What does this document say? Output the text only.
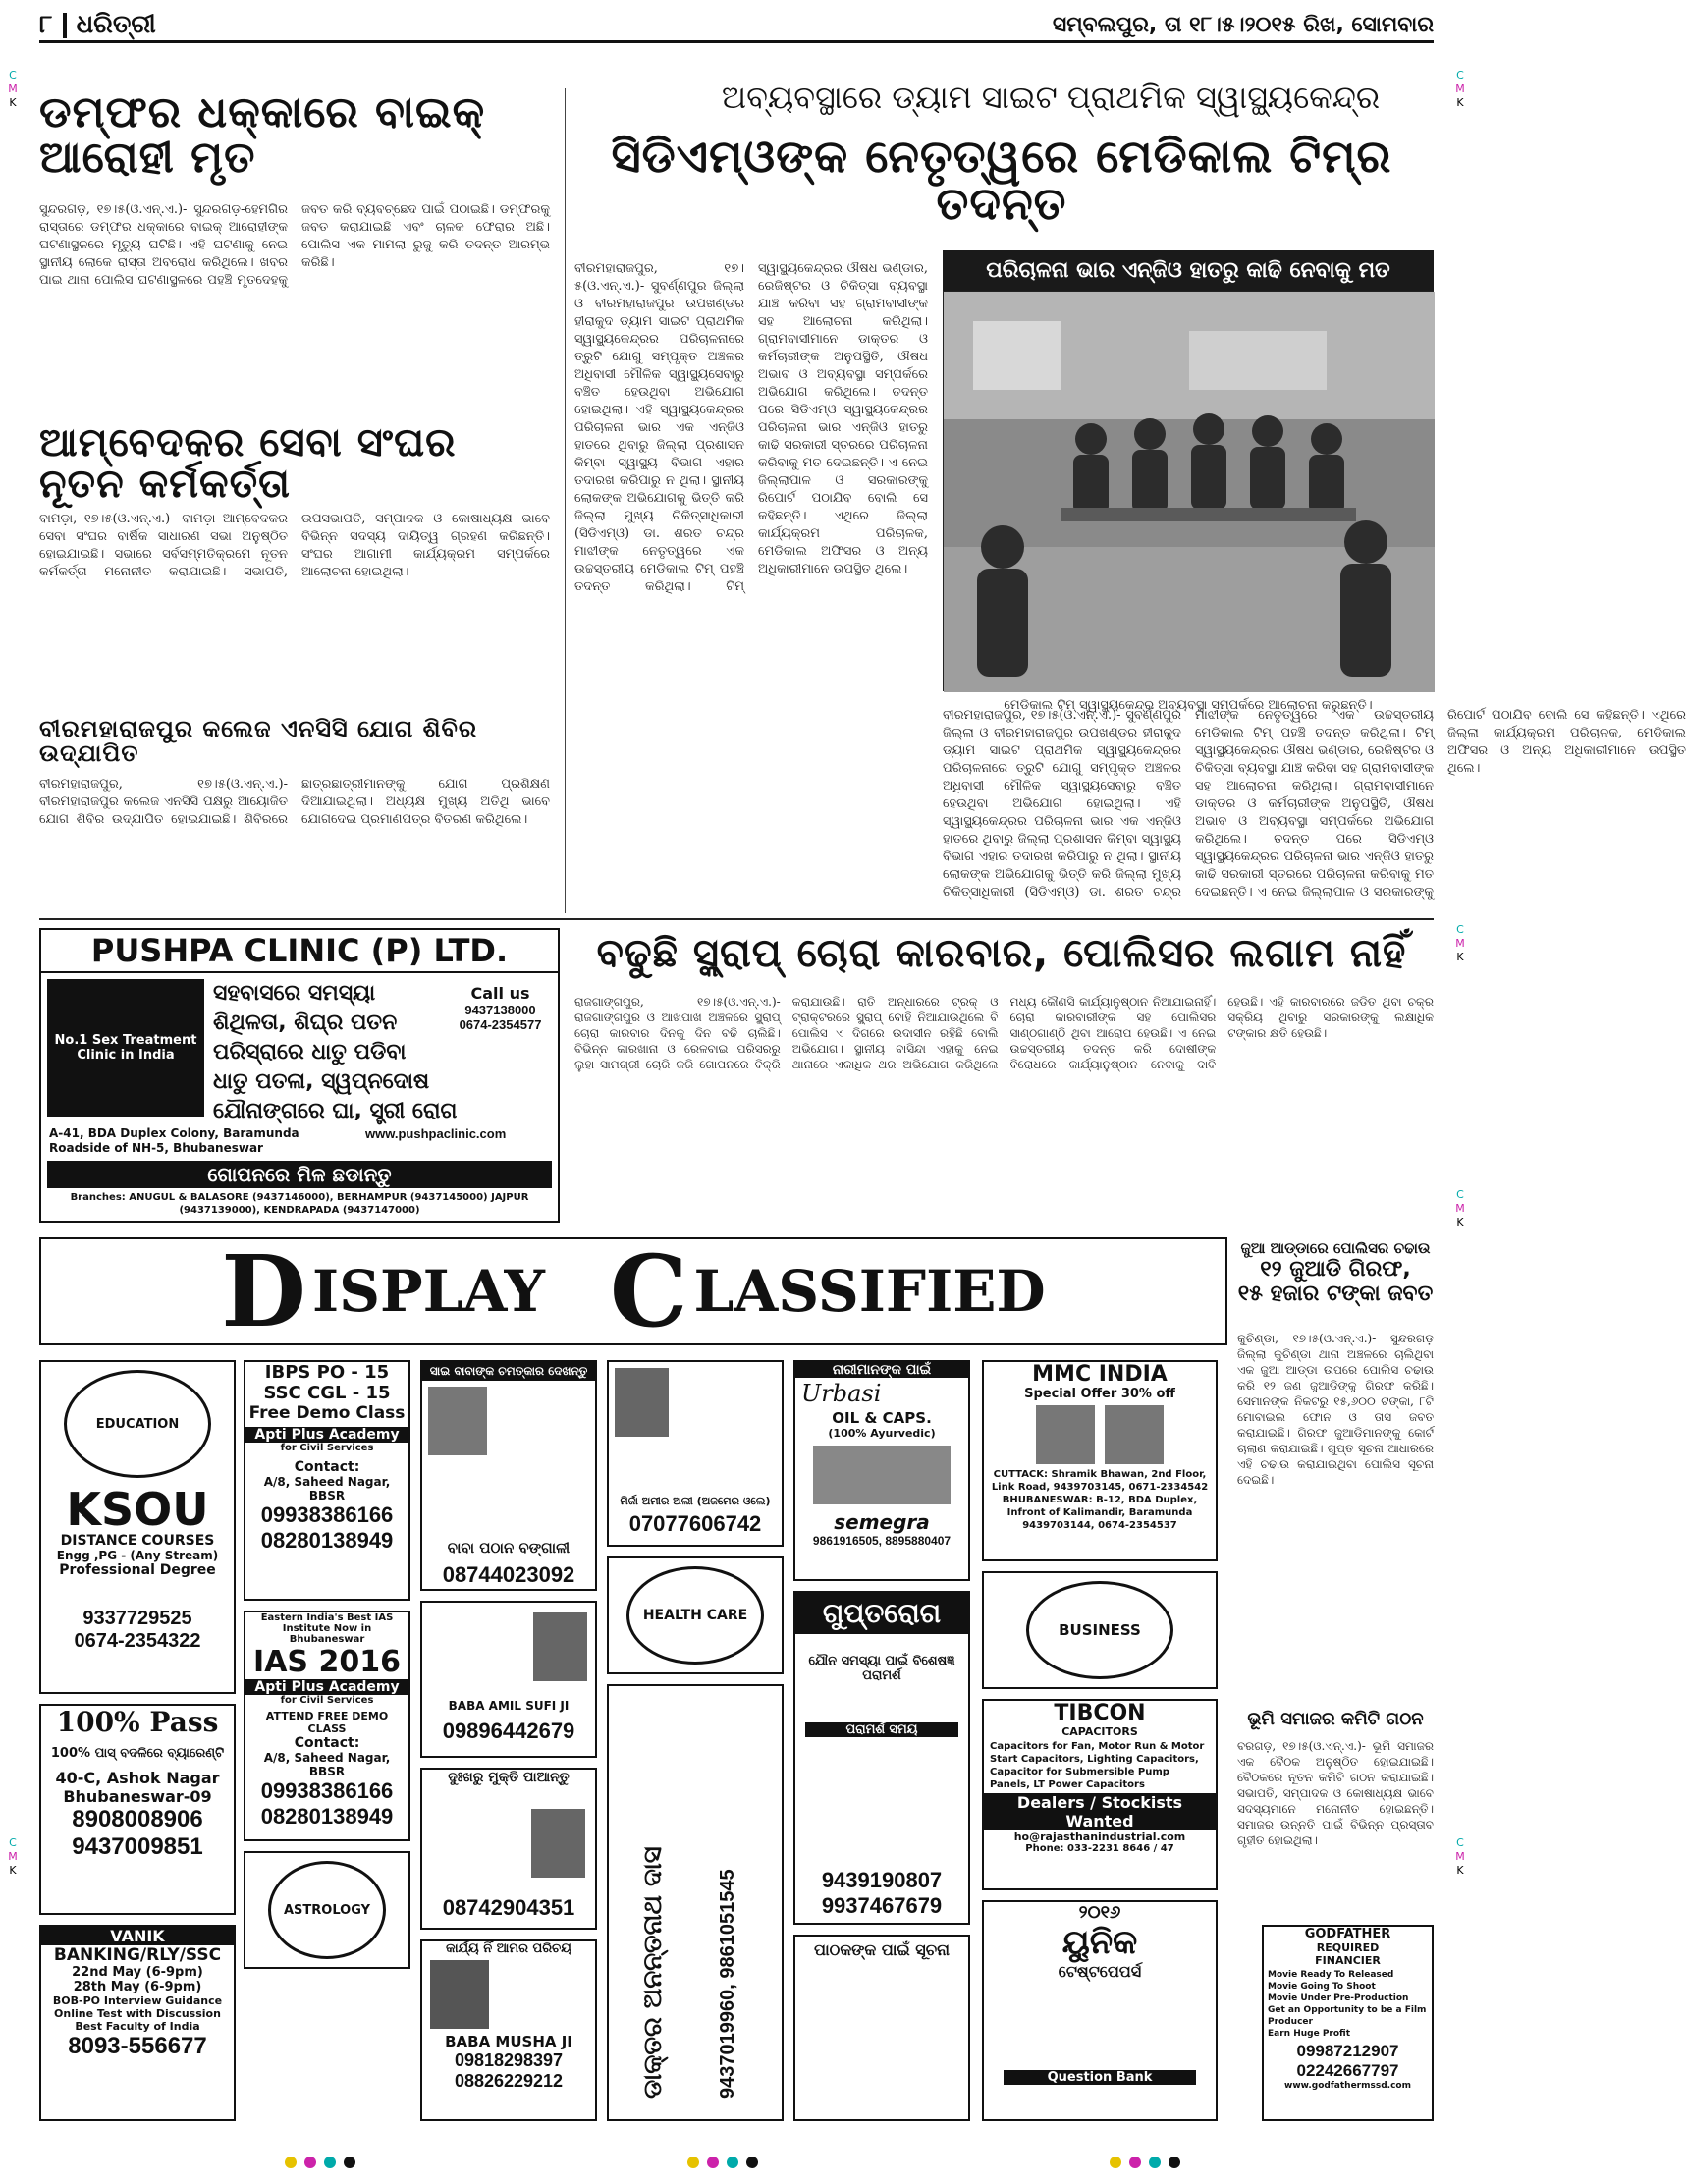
C
M
K
C
M
K
C
M
K
C
M
K
C
M
K
C
M
K
୮ ଧରିତ୍ରୀ	ସମ୍ବଲପୁର, ତା ୧୮।୫।୨୦୧୫ ରିଖ, ସୋମବାର
ଡମ୍ଫର ଧକ୍କାରେ ବାଇକ୍ ଆରୋହୀ ମୃତ
ସୁନ୍ଦରଗଡ଼, ୧୭।୫(ଓ.ଏନ୍.ଏ.)- ସୁନ୍ଦରଗଡ଼-ହେମଗିର ରାସ୍ତାରେ ଡମ୍ଫର ଧକ୍କାରେ ବାଇକ୍ ଆରୋହୀଙ୍କ ଘଟଣାସ୍ଥଳରେ ମୃତ୍ୟୁ ଘଟିଛି। ଏହି ଘଟଣାକୁ ନେଇ ସ୍ଥାନୀୟ ଲୋକେ ରାସ୍ତା ଅବରୋଧ କରିଥିଲେ। ଖବର ପାଇ ଥାନା ପୋଲିସ ଘଟଣାସ୍ଥଳରେ ପହଞ୍ଚି ମୃତଦେହକୁ ଜବତ କରି ବ୍ୟବଚ୍ଛେଦ ପାଇଁ ପଠାଇଛି। ଡମ୍ଫରକୁ ଜବତ କରାଯାଇଛି ଏବଂ ଚାଳକ ଫେରାର ଅଛି। ପୋଲିସ ଏକ ମାମଲା ରୁଜୁ କରି ତଦନ୍ତ ଆରମ୍ଭ କରିଛି।
ଆମ୍ବେଦକର ସେବା ସଂଘର ନୂତନ କର୍ମକର୍ତ୍ତା
ବାମଡ଼ା, ୧୭।୫(ଓ.ଏନ୍.ଏ.)- ବାମଡ଼ା ଆମ୍ବେଦକର ସେବା ସଂଘର ବାର୍ଷିକ ସାଧାରଣ ସଭା ଅନୁଷ୍ଠିତ ହୋଇଯାଇଛି। ସଭାରେ ସର୍ବସମ୍ମତିକ୍ରମେ ନୂତନ କର୍ମକର୍ତ୍ତା ମନୋନୀତ କରାଯାଇଛି। ସଭାପତି, ଉପସଭାପତି, ସମ୍ପାଦକ ଓ କୋଷାଧ୍ୟକ୍ଷ ଭାବେ ବିଭିନ୍ନ ସଦସ୍ୟ ଦାୟିତ୍ୱ ଗ୍ରହଣ କରିଛନ୍ତି। ସଂଘର ଆଗାମୀ କାର୍ଯ୍ୟକ୍ରମ ସମ୍ପର୍କରେ ଆଲୋଚନା ହୋଇଥିଲା।
ବୀରମହାରାଜପୁର କଲେଜ ଏନସିସି ଯୋଗ ଶିବିର ଉଦ୍‌ଯାପିତ
ବୀରମହାରାଜପୁର, ୧୭।୫(ଓ.ଏନ୍.ଏ.)- ବୀରମହାରାଜପୁର କଲେଜ ଏନସିସି ପକ୍ଷରୁ ଆୟୋଜିତ ଯୋଗ ଶିବିର ଉଦ୍‌ଯାପିତ ହୋଇଯାଇଛି। ଶିବିରରେ ଛାତ୍ରଛାତ୍ରୀମାନଙ୍କୁ ଯୋଗ ପ୍ରଶିକ୍ଷଣ ଦିଆଯାଇଥିଲା। ଅଧ୍ୟକ୍ଷ ମୁଖ୍ୟ ଅତିଥି ଭାବେ ଯୋଗଦେଇ ପ୍ରମାଣପତ୍ର ବିତରଣ କରିଥିଲେ।
ଅବ୍ୟବସ୍ଥାରେ ଡ୍ୟାମ ସାଇଟ ପ୍ରାଥମିକ ସ୍ୱାସ୍ଥ୍ୟକେନ୍ଦ୍ର
ସିଡିଏମ୍‌ଓଙ୍କ ନେତୃତ୍ୱରେ ମେଡିକାଲ ଟିମ୍‌ର ତଦନ୍ତ
ବୀରମହାରାଜପୁର, ୧୭।୫(ଓ.ଏନ୍.ଏ.)- ସୁବର୍ଣ୍ଣପୁର ଜିଲ୍ଲା ଓ ବୀରମହାରାଜପୁର ଉପଖଣ୍ଡର ହୀରାକୁଦ ଡ୍ୟାମ ସାଇଟ ପ୍ରାଥମିକ ସ୍ୱାସ୍ଥ୍ୟକେନ୍ଦ୍ରର ପରିଚାଳନାରେ ତ୍ରୁଟି ଯୋଗୁ ସମ୍ପୃକ୍ତ ଅଞ୍ଚଳର ଅଧିବାସୀ ମୌଳିକ ସ୍ୱାସ୍ଥ୍ୟସେବାରୁ ବଞ୍ଚିତ ହେଉଥିବା ଅଭିଯୋଗ ହୋଇଥିଲା। ଏହି ସ୍ୱାସ୍ଥ୍ୟକେନ୍ଦ୍ରର ପରିଚାଳନା ଭାର ଏକ ଏନ୍‌ଜିଓ ହାତରେ ଥିବାରୁ ଜିଲ୍ଲା ପ୍ରଶାସନ କିମ୍ବା ସ୍ୱାସ୍ଥ୍ୟ ବିଭାଗ ଏହାର ତଦାରଖ କରିପାରୁ ନ ଥିଲା। ସ୍ଥାନୀୟ ଲୋକଙ୍କ ଅଭିଯୋଗକୁ ଭିତ୍ତି କରି ଜିଲ୍ଲା ମୁଖ୍ୟ ଚିକିତ୍ସାଧିକାରୀ (ସିଡିଏମ୍‌ଓ) ଡା. ଶରତ ଚନ୍ଦ୍ର ମାଝୀଙ୍କ ନେତୃତ୍ୱରେ ଏକ ଉଚ୍ଚସ୍ତରୀୟ ମେଡିକାଲ ଟିମ୍ ପହଞ୍ଚି ତଦନ୍ତ କରିଥିଲା। ଟିମ୍ ସ୍ୱାସ୍ଥ୍ୟକେନ୍ଦ୍ରର ଔଷଧ ଭଣ୍ଡାର, ରେଜିଷ୍ଟର ଓ ଚିକିତ୍ସା ବ୍ୟବସ୍ଥା ଯାଞ୍ଚ କରିବା ସହ ଗ୍ରାମବାସୀଙ୍କ ସହ ଆଲୋଚନା କରିଥିଲା। ଗ୍ରାମବାସୀମାନେ ଡାକ୍ତର ଓ କର୍ମଚାରୀଙ୍କ ଅନୁପସ୍ଥିତି, ଔଷଧ ଅଭାବ ଓ ଅବ୍ୟବସ୍ଥା ସମ୍ପର୍କରେ ଅଭିଯୋଗ କରିଥିଲେ। ତଦନ୍ତ ପରେ ସିଡିଏମ୍‌ଓ ସ୍ୱାସ୍ଥ୍ୟକେନ୍ଦ୍ରର ପରିଚାଳନା ଭାର ଏନ୍‌ଜିଓ ହାତରୁ କାଢି ସରକାରୀ ସ୍ତରରେ ପରିଚାଳନା କରିବାକୁ ମତ ଦେଇଛନ୍ତି। ଏ ନେଇ ଜିଲ୍ଲାପାଳ ଓ ସରକାରଙ୍କୁ ରିପୋର୍ଟ ପଠାଯିବ ବୋଲି ସେ କହିଛନ୍ତି। ଏଥିରେ ଜିଲ୍ଲା କାର୍ଯ୍ୟକ୍ରମ ପରିଚାଳକ, ମେଡିକାଲ ଅଫିସର ଓ ଅନ୍ୟ ଅଧିକାରୀମାନେ ଉପସ୍ଥିତ ଥିଲେ।
ପରିଚାଳନା ଭାର ଏନ୍‌ଜିଓ ହାତରୁ କାଢି ନେବାକୁ ମତ
ମେଡିକାଲ ଟିମ୍ ସ୍ୱାସ୍ଥ୍ୟକେନ୍ଦ୍ର ଅବ୍ୟବସ୍ଥା ସମ୍ପର୍କରେ ଆଲୋଚନା କରୁଛନ୍ତି।
ବୀରମହାରାଜପୁର, ୧୭।୫(ଓ.ଏନ୍.ଏ.)- ସୁବର୍ଣ୍ଣପୁର ଜିଲ୍ଲା ଓ ବୀରମହାରାଜପୁର ଉପଖଣ୍ଡର ହୀରାକୁଦ ଡ୍ୟାମ ସାଇଟ ପ୍ରାଥମିକ ସ୍ୱାସ୍ଥ୍ୟକେନ୍ଦ୍ରର ପରିଚାଳନାରେ ତ୍ରୁଟି ଯୋଗୁ ସମ୍ପୃକ୍ତ ଅଞ୍ଚଳର ଅଧିବାସୀ ମୌଳିକ ସ୍ୱାସ୍ଥ୍ୟସେବାରୁ ବଞ୍ଚିତ ହେଉଥିବା ଅଭିଯୋଗ ହୋଇଥିଲା। ଏହି ସ୍ୱାସ୍ଥ୍ୟକେନ୍ଦ୍ରର ପରିଚାଳନା ଭାର ଏକ ଏନ୍‌ଜିଓ ହାତରେ ଥିବାରୁ ଜିଲ୍ଲା ପ୍ରଶାସନ କିମ୍ବା ସ୍ୱାସ୍ଥ୍ୟ ବିଭାଗ ଏହାର ତଦାରଖ କରିପାରୁ ନ ଥିଲା। ସ୍ଥାନୀୟ ଲୋକଙ୍କ ଅଭିଯୋଗକୁ ଭିତ୍ତି କରି ଜିଲ୍ଲା ମୁଖ୍ୟ ଚିକିତ୍ସାଧିକାରୀ (ସିଡିଏମ୍‌ଓ) ଡା. ଶରତ ଚନ୍ଦ୍ର ମାଝୀଙ୍କ ନେତୃତ୍ୱରେ ଏକ ଉଚ୍ଚସ୍ତରୀୟ ମେଡିକାଲ ଟିମ୍ ପହଞ୍ଚି ତଦନ୍ତ କରିଥିଲା। ଟିମ୍ ସ୍ୱାସ୍ଥ୍ୟକେନ୍ଦ୍ରର ଔଷଧ ଭଣ୍ଡାର, ରେଜିଷ୍ଟର ଓ ଚିକିତ୍ସା ବ୍ୟବସ୍ଥା ଯାଞ୍ଚ କରିବା ସହ ଗ୍ରାମବାସୀଙ୍କ ସହ ଆଲୋଚନା କରିଥିଲା। ଗ୍ରାମବାସୀମାନେ ଡାକ୍ତର ଓ କର୍ମଚାରୀଙ୍କ ଅନୁପସ୍ଥିତି, ଔଷଧ ଅଭାବ ଓ ଅବ୍ୟବସ୍ଥା ସମ୍ପର୍କରେ ଅଭିଯୋଗ କରିଥିଲେ। ତଦନ୍ତ ପରେ ସିଡିଏମ୍‌ଓ ସ୍ୱାସ୍ଥ୍ୟକେନ୍ଦ୍ରର ପରିଚାଳନା ଭାର ଏନ୍‌ଜିଓ ହାତରୁ କାଢି ସରକାରୀ ସ୍ତରରେ ପରିଚାଳନା କରିବାକୁ ମତ ଦେଇଛନ୍ତି। ଏ ନେଇ ଜିଲ୍ଲାପାଳ ଓ ସରକାରଙ୍କୁ ରିପୋର୍ଟ ପଠାଯିବ ବୋଲି ସେ କହିଛନ୍ତି। ଏଥିରେ ଜିଲ୍ଲା କାର୍ଯ୍ୟକ୍ରମ ପରିଚାଳକ, ମେଡିକାଲ ଅଫିସର ଓ ଅନ୍ୟ ଅଧିକାରୀମାନେ ଉପସ୍ଥିତ ଥିଲେ।
PUSHPA CLINIC (P) LTD.
No.1 Sex Treatment Clinic in India
ସହବାସରେ ସମସ୍ୟା
ଶିଥିଳତା, ଶିଘ୍ର ପତନ
ପରିସ୍ରାରେ ଧାତୁ ପଡିବା
ଧାତୁ ପତଳା, ସ୍ୱପ୍ନଦୋଷ
ଯୌନାଙ୍ଗରେ ଘା, ସ୍ତ୍ରୀ ରୋଗ
Call us
9437138000
0674-2354577
www.pushpaclinic.com
A-41, BDA Duplex Colony, Baramunda Roadside of NH-5, Bhubaneswar
ଗୋପନରେ ମିଳ ଛଡାନ୍ତୁ
Branches: ANUGUL & BALASORE (9437146000), BERHAMPUR (9437145000) JAJPUR (9437139000), KENDRAPADA (9437147000)
ବଢୁଛି ସ୍କ୍ରାପ୍ ଚୋରା କାରବାର, ପୋଲିସର ଲଗାମ ନାହିଁ
ରାଜଗାଙ୍ଗପୁର, ୧୭।୫(ଓ.ଏନ୍.ଏ.)- ରାଜଗାଙ୍ଗପୁର ଓ ଆଖପାଖ ଅଞ୍ଚଳରେ ସ୍କ୍ରାପ୍ ଚୋରା କାରବାର ଦିନକୁ ଦିନ ବଢି ଚାଲିଛି। ବିଭିନ୍ନ କାରଖାନା ଓ ରେଳବାଇ ପରିସରରୁ ଲୁହା ସାମଗ୍ରୀ ଚୋରି କରି ଗୋପନରେ ବିକ୍ରି କରାଯାଉଛି। ରାତି ଅନ୍ଧାରରେ ଟ୍ରକ୍ ଓ ଟ୍ରାକ୍ଟରରେ ସ୍କ୍ରାପ୍ ବୋହି ନିଆଯାଉଥିଲେ ବି ପୋଲିସ ଏ ଦିଗରେ ଉଦାସୀନ ରହିଛି ବୋଲି ଅଭିଯୋଗ। ସ୍ଥାନୀୟ ବାସିନ୍ଦା ଏହାକୁ ନେଇ ଥାନାରେ ଏକାଧିକ ଥର ଅଭିଯୋଗ କରିଥିଲେ ମଧ୍ୟ କୌଣସି କାର୍ଯ୍ୟାନୁଷ୍ଠାନ ନିଆଯାଇନାହିଁ। ଚୋରା କାରବାରୀଙ୍କ ସହ ପୋଲିସର ସାଣ୍ଠଗାଣ୍ଠି ଥିବା ଆରୋପ ହେଉଛି। ଏ ନେଇ ଉଚ୍ଚସ୍ତରୀୟ ତଦନ୍ତ କରି ଦୋଷୀଙ୍କ ବିରୋଧରେ କାର୍ଯ୍ୟାନୁଷ୍ଠାନ ନେବାକୁ ଦାବି ହେଉଛି। ଏହି କାରବାରରେ ଜଡିତ ଥିବା ଚକ୍ର ସକ୍ରିୟ ଥିବାରୁ ସରକାରଙ୍କୁ ଲକ୍ଷାଧିକ ଟଙ୍କାର କ୍ଷତି ହେଉଛି।
D ISPLAY C LASSIFIED
ଜୁଆ ଆଡ୍ଡାରେ ପୋଲିସର ଚଢାଉ
୧୨ ଜୁଆଡି ଗିରଫ,
୧୫ ହଜାର ଟଙ୍କା ଜବତ
କୁଚିଣ୍ଡା, ୧୭।୫(ଓ.ଏନ୍.ଏ.)- ସୁନ୍ଦରଗଡ଼ ଜିଲ୍ଲା କୁଚିଣ୍ଡା ଥାନା ଅଞ୍ଚଳରେ ଚାଲିଥିବା ଏକ ଜୁଆ ଆଡ୍ଡା ଉପରେ ପୋଲିସ ଚଢାଉ କରି ୧୨ ଜଣ ଜୁଆଡିଙ୍କୁ ଗିରଫ କରିଛି। ସେମାନଙ୍କ ନିକଟରୁ ୧୫,୬୦୦ ଟଙ୍କା, ୮ଟି ମୋବାଇଲ ଫୋନ ଓ ତାସ ଜବତ କରାଯାଇଛି। ଗିରଫ ଜୁଆଡିମାନଙ୍କୁ କୋର୍ଟ ଚାଲାଣ କରାଯାଇଛି। ଗୁପ୍ତ ସୂଚନା ଆଧାରରେ ଏହି ଚଢାଉ କରାଯାଇଥିବା ପୋଲିସ ସୂଚନା ଦେଇଛି।
ଭୂମି ସମାଜର କମିଟି ଗଠନ
ବରଗଡ଼, ୧୭।୫(ଓ.ଏନ୍.ଏ.)- ଭୂମି ସମାଜର ଏକ ବୈଠକ ଅନୁଷ୍ଠିତ ହୋଇଯାଇଛି। ବୈଠକରେ ନୂତନ କମିଟି ଗଠନ କରାଯାଇଛି। ସଭାପତି, ସମ୍ପାଦକ ଓ କୋଷାଧ୍ୟକ୍ଷ ଭାବେ ସଦସ୍ୟମାନେ ମନୋନୀତ ହୋଇଛନ୍ତି। ସମାଜର ଉନ୍ନତି ପାଇଁ ବିଭିନ୍ନ ପ୍ରସ୍ତାବ ଗୃହୀତ ହୋଇଥିଲା।
EDUCATION
KSOU
DISTANCE COURSES
Engg ,PG - (Any Stream)
Professional Degree
9337729525
0674-2354322
100% Pass
100% ପାସ୍ ବଦଳିରେ ବ୍ୟାରେଣ୍ଟି
40-C, Ashok Nagar
Bhubaneswar-09
8908008906
9437009851
VANIK
BANKING/RLY/SSC
22nd May (6-9pm)
28th May (6-9pm)
BOB-PO Interview Guidance
Online Test with Discussion
Best Faculty of India
8093-556677
IBPS PO - 15
SSC CGL - 15
Free Demo Class
Apti Plus Academy
for Civil Services
Contact:
A/8, Saheed Nagar, BBSR
09938386166
08280138949
Eastern India's Best IAS Institute Now in Bhubaneswar
IAS 2016
Apti Plus Academy
for Civil Services
ATTEND FREE DEMO CLASS
Contact:
A/8, Saheed Nagar, BBSR
09938386166
08280138949
ASTROLOGY
ସାଇ ବାବାଙ୍କ ଚମତ୍କାର ଦେଖନ୍ତୁ
ବାବା ପଠାନ ବଙ୍ଗାଳୀ
08744023092
BABA AMIL SUFI JI
09896442679
ଦୁଃଖରୁ ମୁକ୍ତି ପାଆନ୍ତୁ
08742904351
କାର୍ଯ୍ୟ ନିଁ ଆମର ପରିଚୟ
BABA MUSHA JI
09818298397
08826229212
ମିର୍ଜା ଅମୀର ଅଲୀ (ଅଜମେର ଓଲେ)
07077606742
HEALTH CARE
ଡାକ୍ତର ଅନନ୍ତନାଥ ଦାସ	9437019960, 9861051545
ନାରୀମାନଙ୍କ ପାଇଁ
Urbasi
OIL & CAPS.
(100% Ayurvedic)
semegra
9861916505, 8895880407
ଗୁପ୍ତରୋଗ
ଯୌନ ସମସ୍ୟା ପାଇଁ ବିଶେଷଜ୍ଞ ପରାମର୍ଶ
ପରାମର୍ଶ ସମୟ
9439190807
9937467679
ପାଠକଙ୍କ ପାଇଁ ସୂଚନା
MMC INDIA
Special Offer 30% off
CUTTACK: Shramik Bhawan, 2nd Floor, Link Road, 9439703145, 0671-2334542
BHUBANESWAR: B-12, BDA Duplex, Infront of Kalimandir, Baramunda 9439703144, 0674-2354537
BUSINESS
TIBCON
CAPACITORS
Capacitors for Fan, Motor Run & Motor Start Capacitors, Lighting Capacitors, Capacitor for Submersible Pump Panels, LT Power Capacitors
Dealers / Stockists
Wanted
ho@rajasthanindustrial.com
Phone: 033-2231 8646 / 47
୨୦୧୬
ୟୁନିକ
ଟେଷ୍ଟପେପର୍ସ
Question Bank
GODFATHER
REQUIRED
FINANCIER
Movie Ready To Released
Movie Going To Shoot
Movie Under Pre-Production
Get an Opportunity to be a Film Producer
Earn Huge Profit
09987212907
02242667797
www.godfathermssd.com
